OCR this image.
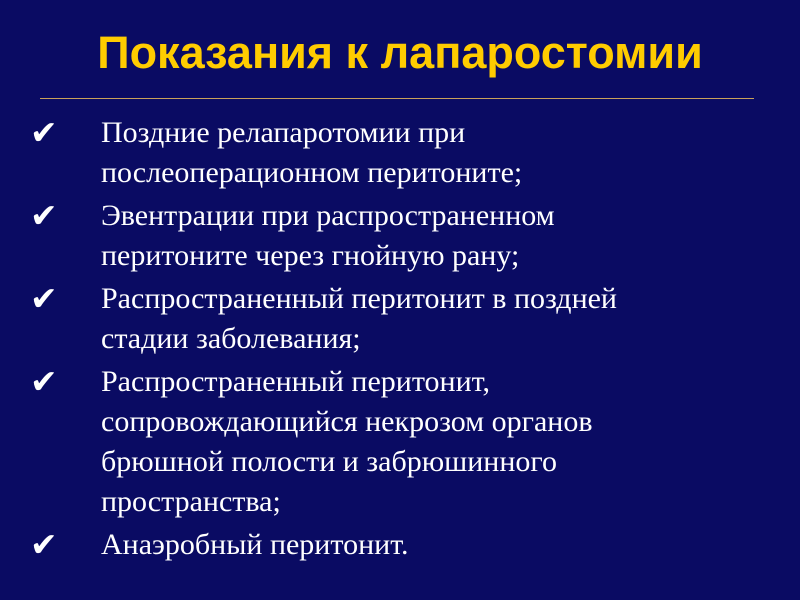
Показания к лапаростомии
✔	Поздние релапаротомии при
послеоперационном перитоните;
✔	Эвентрации при распространенном
перитоните через гнойную рану;
✔	Распространенный перитонит в поздней
стадии заболевания;
✔	Распространенный перитонит,
сопровождающийся некрозом органов
брюшной полости и забрюшинного
пространства;
✔	Анаэробный перитонит.
